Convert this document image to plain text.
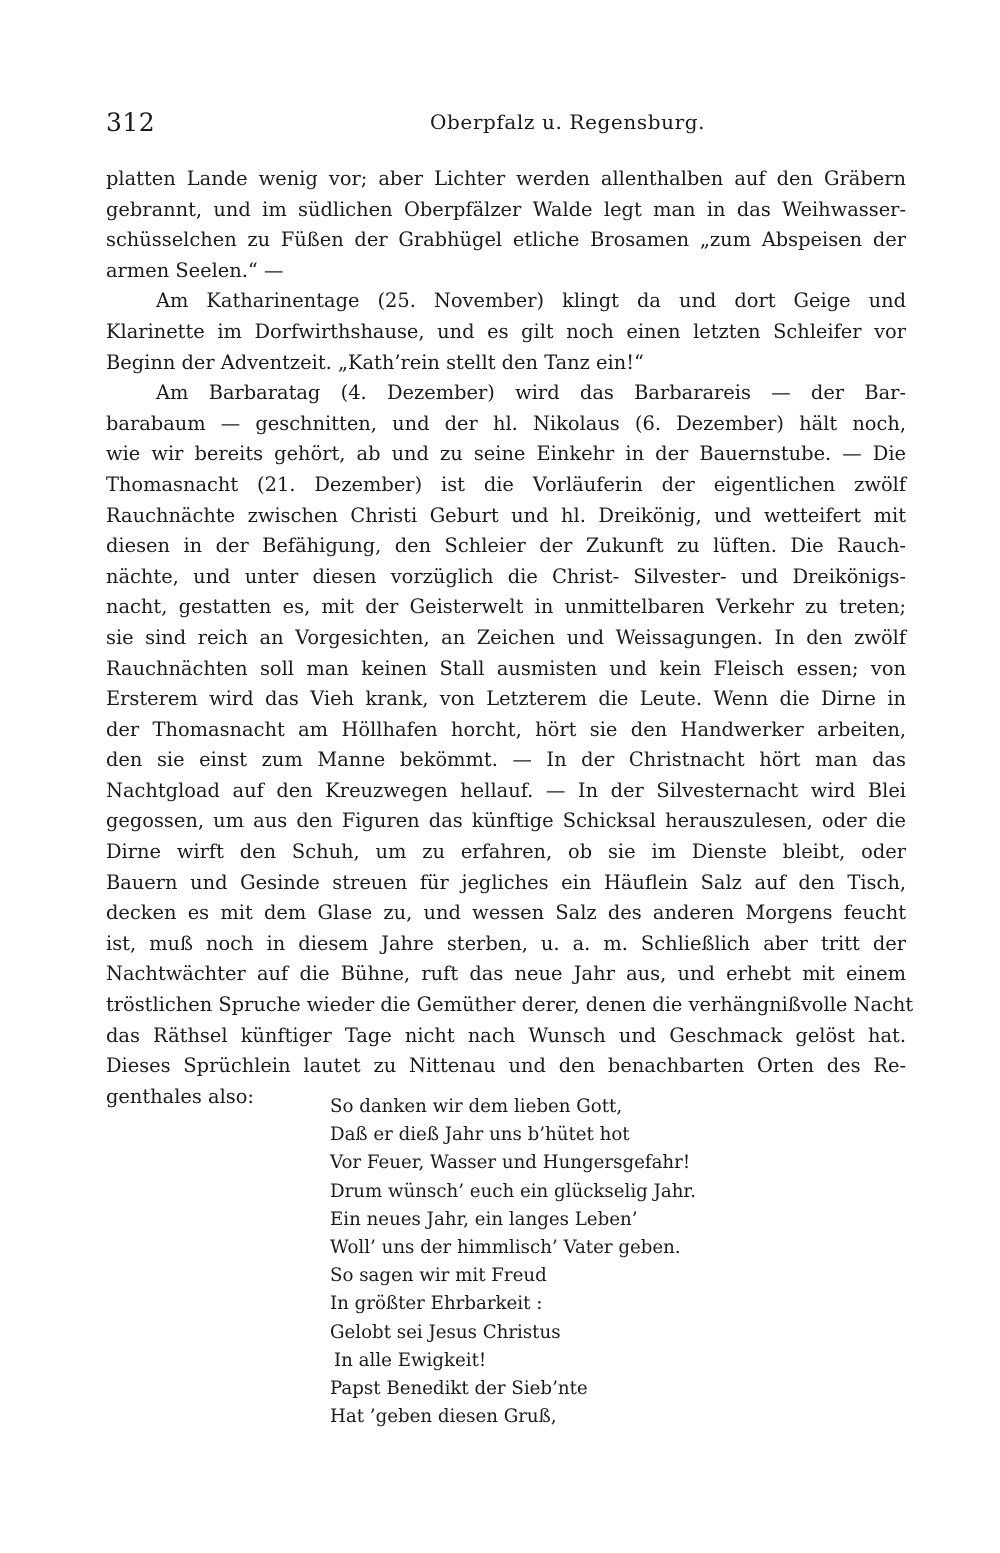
312	Oberpfalz u. Regensburg.
platten Lande wenig vor; aber Lichter werden allenthalben auf den Gräbern
gebrannt, und im südlichen Oberpfälzer Walde legt man in das Weihwasser-
schüsselchen zu Füßen der Grabhügel etliche Brosamen „zum Abspeisen der
armen Seelen.“ —
Am Katharinentage (25. November) klingt da und dort Geige und
Klarinette im Dorfwirthshause, und es gilt noch einen letzten Schleifer vor
Beginn der Adventzeit. „Kath’rein stellt den Tanz ein!“
Am Barbaratag (4. Dezember) wird das Barbarareis — der Bar-
barabaum — geschnitten, und der hl. Nikolaus (6. Dezember) hält noch,
wie wir bereits gehört, ab und zu seine Einkehr in der Bauernstube. — Die
Thomasnacht (21. Dezember) ist die Vorläuferin der eigentlichen zwölf
Rauchnächte zwischen Christi Geburt und hl. Dreikönig, und wetteifert mit
diesen in der Befähigung, den Schleier der Zukunft zu lüften. Die Rauch-
nächte, und unter diesen vorzüglich die Christ- Silvester- und Dreikönigs-
nacht, gestatten es, mit der Geisterwelt in unmittelbaren Verkehr zu treten;
sie sind reich an Vorgesichten, an Zeichen und Weissagungen. In den zwölf
Rauchnächten soll man keinen Stall ausmisten und kein Fleisch essen; von
Ersterem wird das Vieh krank, von Letzterem die Leute. Wenn die Dirne in
der Thomasnacht am Höllhafen horcht, hört sie den Handwerker arbeiten,
den sie einst zum Manne bekömmt. — In der Christnacht hört man das
Nachtgload auf den Kreuzwegen hellauf. — In der Silvesternacht wird Blei
gegossen, um aus den Figuren das künftige Schicksal herauszulesen, oder die
Dirne wirft den Schuh, um zu erfahren, ob sie im Dienste bleibt, oder
Bauern und Gesinde streuen für jegliches ein Häuflein Salz auf den Tisch,
decken es mit dem Glase zu, und wessen Salz des anderen Morgens feucht
ist, muß noch in diesem Jahre sterben, u. a. m. Schließlich aber tritt der
Nachtwächter auf die Bühne, ruft das neue Jahr aus, und erhebt mit einem
tröstlichen Spruche wieder die Gemüther derer, denen die verhängnißvolle Nacht
das Räthsel künftiger Tage nicht nach Wunsch und Geschmack gelöst hat.
Dieses Sprüchlein lautet zu Nittenau und den benachbarten Orten des Re-
genthales also:	So danken wir dem lieben Gott,
Daß er dieß Jahr uns b’hütet hot
Vor Feuer, Wasser und Hungersgefahr!
Drum wünsch’ euch ein glückselig Jahr.
Ein neues Jahr, ein langes Leben’
Woll’ uns der himmlisch’ Vater geben.
So sagen wir mit Freud
In größter Ehrbarkeit :
Gelobt sei Jesus Christus
In alle Ewigkeit!
Papst Benedikt der Sieb’nte
Hat ’geben diesen Gruß,
